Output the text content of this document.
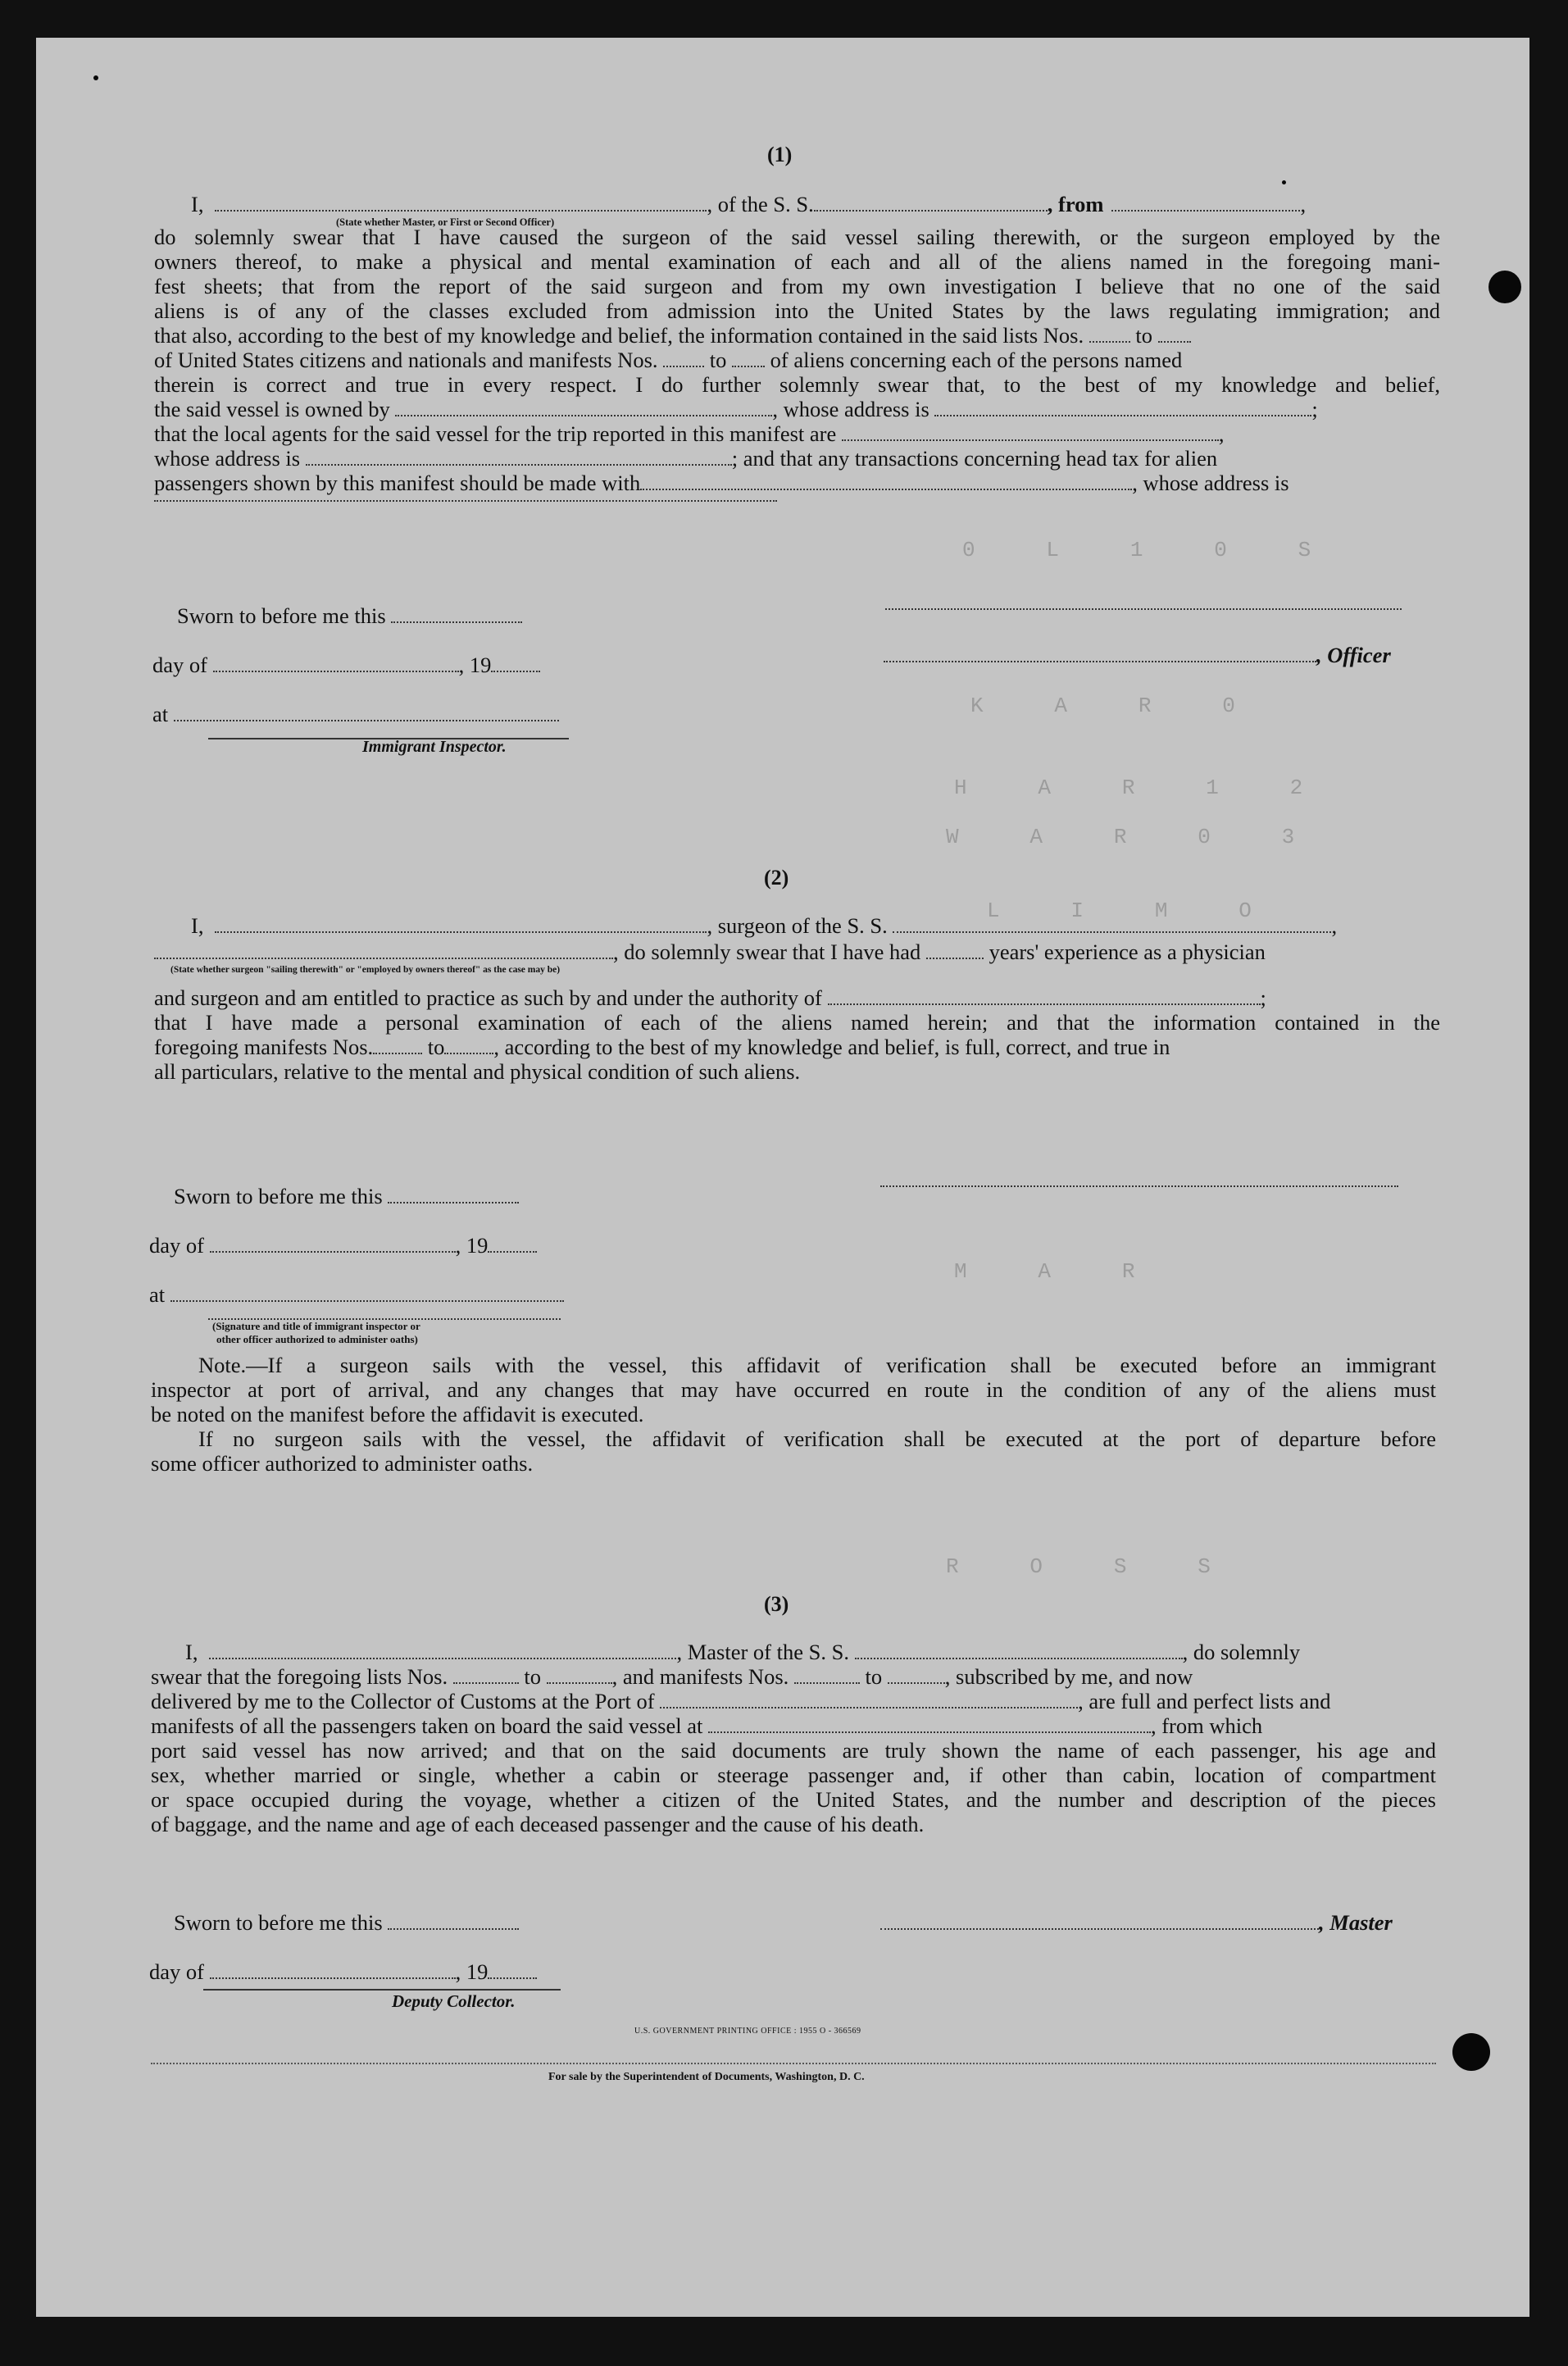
0   L   1   0   S
K   A   R   0
H   A   R   1   2
W   A   R   0   3
L   I   M   O
M   A   R
R   O   S   S
(1)
I,	, of the S. S.	, from	,
(State whether Master, or First or Second Officer)
do solemnly swear that I have caused the surgeon of the said vessel sailing therewith, or the surgeon employed by the
owners thereof, to make a physical and mental examination of each and all of the aliens named in the foregoing mani-
fest sheets; that from the report of the said surgeon and from my own investigation I believe that no one of the said
aliens is of any of the classes excluded from admission into the United States by the laws regulating immigration; and
that also, according to the best of my knowledge and belief, the information contained in the said lists Nos. to
of United States citizens and nationals and manifests Nos. to of aliens concerning each of the persons named
therein is correct and true in every respect. I do further solemnly swear that, to the best of my knowledge and belief,
the said vessel is owned by	, whose address is	;
that the local agents for the said vessel for the trip reported in this manifest are	,
whose address is	; and that any transactions concerning head tax for alien
passengers shown by this manifest should be made with	, whose address is
Sworn to before me this
day of	, 19
at
Immigrant Inspector.
, Officer
(2)
I,	, surgeon of the S. S.	,
, do solemnly swear that I have had	years' experience as a physician
(State whether surgeon "sailing therewith" or "employed by owners thereof" as the case may be)
and surgeon and am entitled to practice as such by and under the authority of	;
that I have made a personal examination of each of the aliens named herein; and that the information contained in the
foregoing manifests Nos.	to , according to the best of my knowledge and belief, is full, correct, and true in
all particulars, relative to the mental and physical condition of such aliens.
Sworn to before me this
day of	, 19
at
(Signature and title of immigrant inspector or
other officer authorized to administer oaths)
Note.—If a surgeon sails with the vessel, this affidavit of verification shall be executed before an immigrant
inspector at port of arrival, and any changes that may have occurred en route in the condition of any of the aliens must
be noted on the manifest before the affidavit is executed.
If no surgeon sails with the vessel, the affidavit of verification shall be executed at the port of departure before
some officer authorized to administer oaths.
(3)
I,	, Master of the S. S.	, do solemnly
swear that the foregoing lists Nos.	to	, and manifests Nos.	to	, subscribed by me, and now
delivered by me to the Collector of Customs at the Port of	, are full and perfect lists and
manifests of all the passengers taken on board the said vessel at	, from which
port said vessel has now arrived; and that on the said documents are truly shown the name of each passenger, his age and
sex, whether married or single, whether a cabin or steerage passenger and, if other than cabin, location of compartment
or space occupied during the voyage, whether a citizen of the United States, and the number and description of the pieces
of baggage, and the name and age of each deceased passenger and the cause of his death.
Sworn to before me this
day of	, 19
Deputy Collector.
, Master
U.S. GOVERNMENT PRINTING OFFICE : 1955 O - 366569
For sale by the Superintendent of Documents, Washington, D. C.
